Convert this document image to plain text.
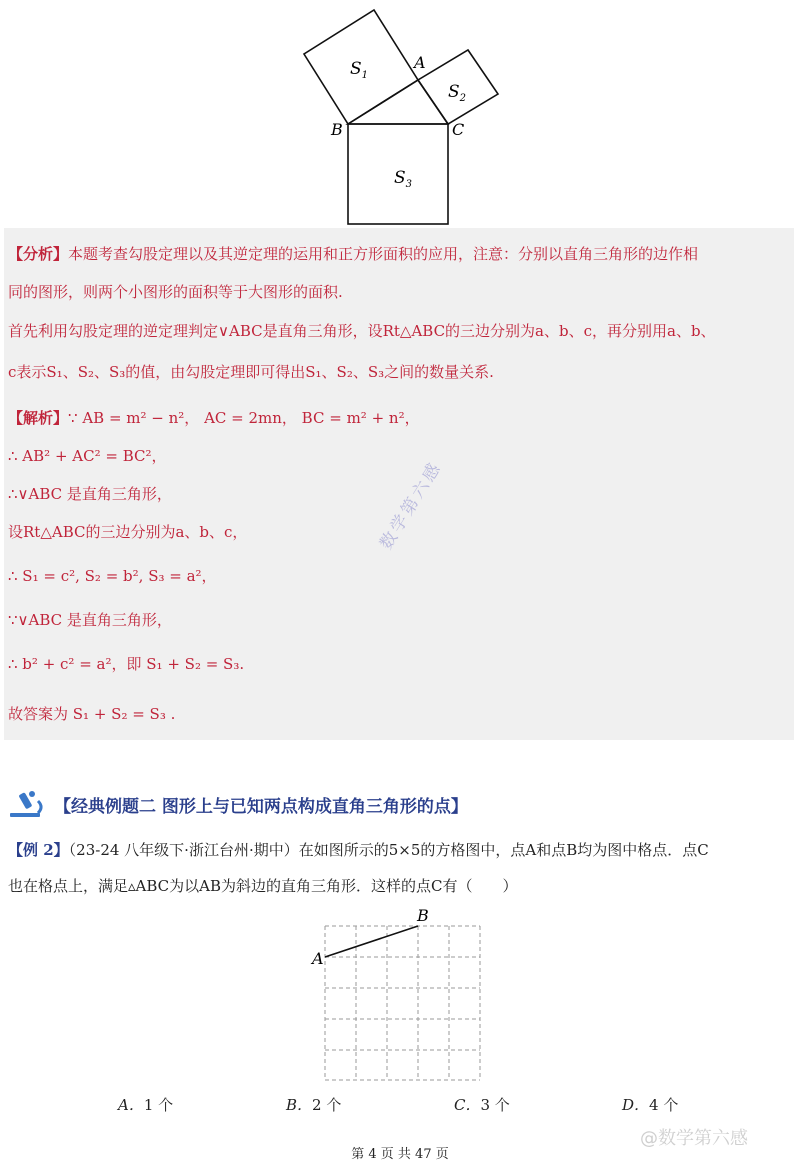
$S_1$
$S_2$
$S_3$
A
B	C
【分析】本题考查勾股定理以及其逆定理的运用和正方形面积的应用，注意：分别以直角三角形的边作相
同的图形，则两个小图形的面积等于大图形的面积.
首先利用勾股定理的逆定理判定∨ABC是直角三角形，设Rt△ABC的三边分别为a、b、c，再分别用a、b、
c表示S₁、S₂、S₃的值，由勾股定理即可得出S₁、S₂、S₃之间的数量关系.
【解析】∵ AB = m² − n²， AC = 2mn， BC = m² + n²，
∴ AB² + AC² = BC²，
∴∨ABC 是直角三角形，
设Rt△ABC的三边分别为a、b、c，
∴ S₁ = c², S₂ = b², S₃ = a²，
∵∨ABC 是直角三角形，
∴ b² + c² = a²，即 S₁ + S₂ = S₃.
故答案为 S₁ + S₂ = S₃ .
数学第六感
【经典例题二 图形上与已知两点构成直角三角形的点】
【例 2】（23-24 八年级下·浙江台州·期中）在如图所示的5×5的方格图中，点A和点B均为图中格点．点C
也在格点上，满足▵ABC为以AB为斜边的直角三角形．这样的点C有（　　）
A
B
A．1 个	B．2 个	C．3 个	D．4 个
@数学第六感
第 4 页 共 47 页
